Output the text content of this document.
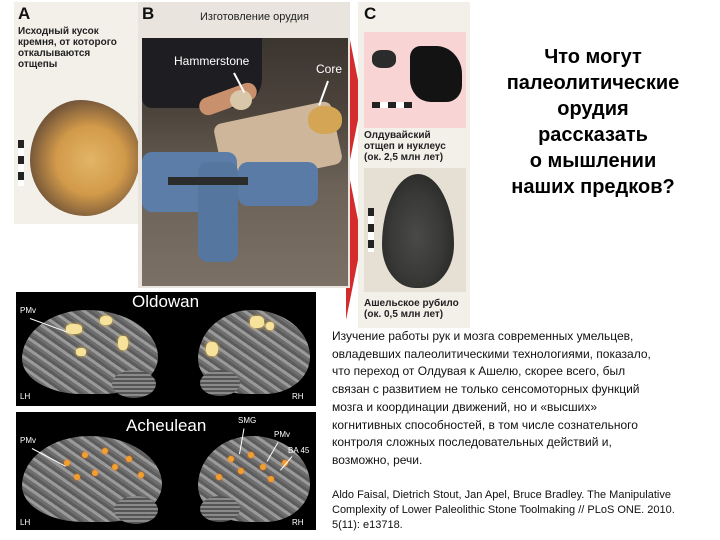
A
Исходный кусок
кремня, от которого
откалываются
отщепы
B	Изготовление орудия
Hammerstone
Core
C
Олдувайский
отщеп и нуклеус
(ок. 2,5 млн лет)
Ашельское рубило
(ок. 0,5 млн лет)
Что могут
палеолитические
орудия
рассказать
о мышлении
наших предков?
Oldowan
PMv
LH	RH
Acheulean
PMv
SMG
PMv
BA 45
LH	RH
Изучение работы рук и мозга современных умельцев,
овладевших палеолитическими технологиями, показало,
что переход от Олдувая к Ашелю, скорее всего, был
связан с развитием не только сенсомоторных функций
мозга и координации движений, но и «высших»
когнитивных способностей, в том числе сознательного
контроля сложных последовательных действий и,
возможно, речи.
Aldo Faisal, Dietrich Stout, Jan Apel, Bruce Bradley. The Manipulative
Complexity of Lower Paleolithic Stone Toolmaking // PLoS ONE. 2010.
5(11): e13718.
